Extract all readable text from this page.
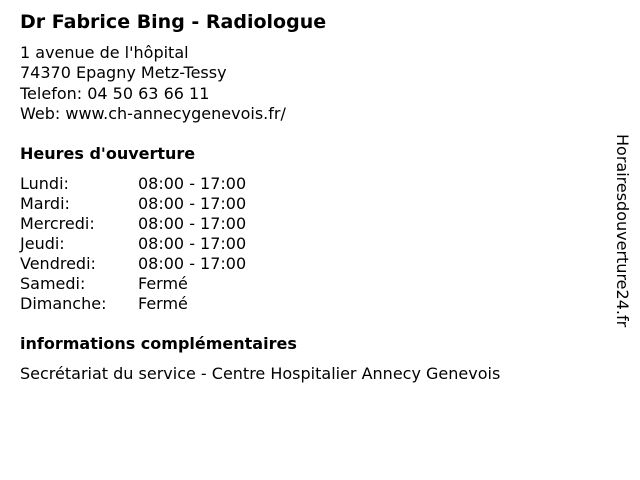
Dr Fabrice Bing - Radiologue
1 avenue de l'hôpital
74370 Epagny Metz-Tessy
Telefon: 04 50 63 66 11
Web: www.ch-annecygenevois.fr/
Heures d'ouverture
Lundi:	08:00 - 17:00
Mardi:	08:00 - 17:00
Mercredi:	08:00 - 17:00
Jeudi:	08:00 - 17:00
Vendredi:	08:00 - 17:00
Samedi:	Fermé
Dimanche: Fermé
informations complémentaires
Secrétariat du service - Centre Hospitalier Annecy Genevois
Horairesdouverture24.fr
